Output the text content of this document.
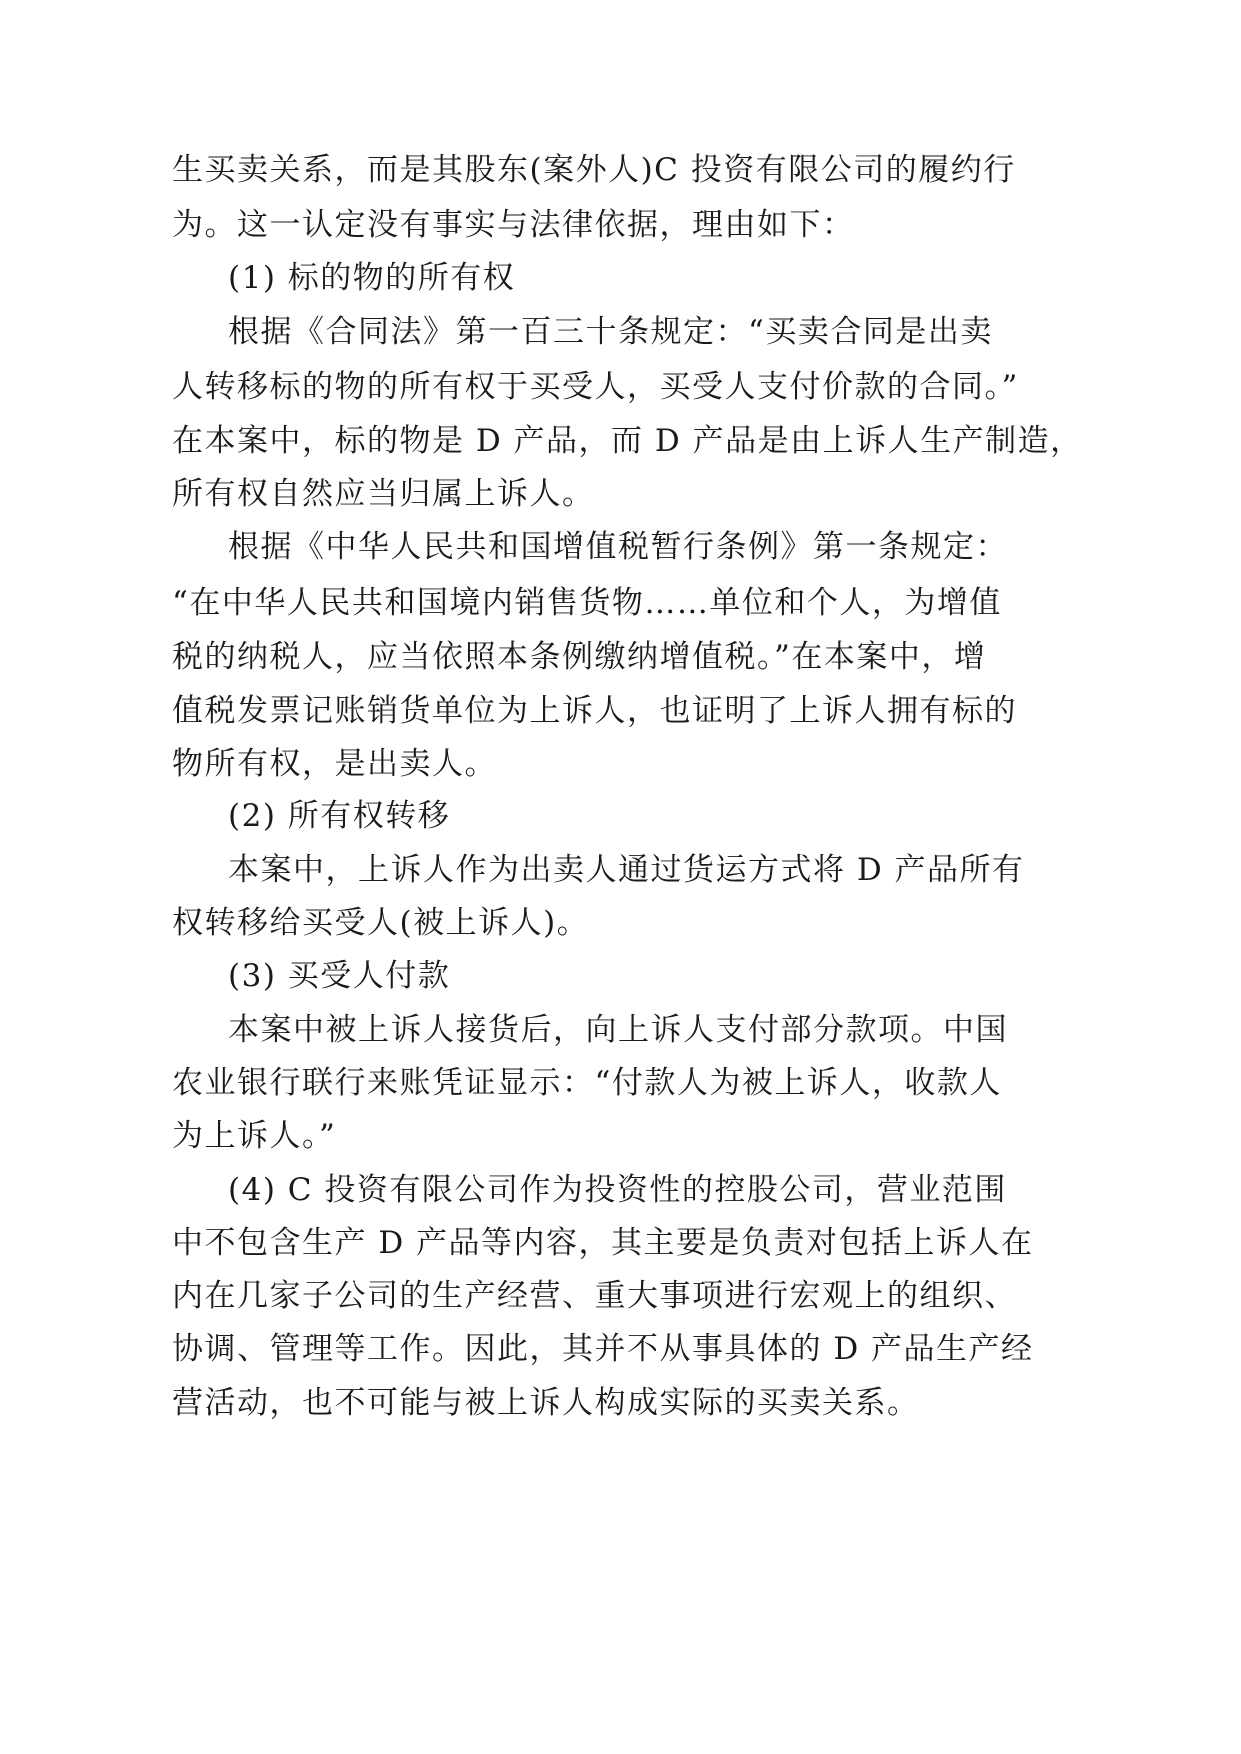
生买卖关系，而是其股东(案外人)C 投资有限公司的履约行
为。这一认定没有事实与法律依据，理由如下：
(1) 标的物的所有权
根据《合同法》第一百三十条规定：“买卖合同是出卖
人转移标的物的所有权于买受人，买受人支付价款的合同。”
在本案中，标的物是 D 产品，而 D 产品是由上诉人生产制造，
所有权自然应当归属上诉人。
根据《中华人民共和国增值税暂行条例》第一条规定：
“在中华人民共和国境内销售货物……单位和个人，为增值
税的纳税人，应当依照本条例缴纳增值税。”在本案中，增
值税发票记账销货单位为上诉人，也证明了上诉人拥有标的
物所有权，是出卖人。
(2) 所有权转移
本案中，上诉人作为出卖人通过货运方式将 D 产品所有
权转移给买受人(被上诉人)。
(3) 买受人付款
本案中被上诉人接货后，向上诉人支付部分款项。中国
农业银行联行来账凭证显示：“付款人为被上诉人，收款人
为上诉人。”
(4) C 投资有限公司作为投资性的控股公司，营业范围
中不包含生产 D 产品等内容，其主要是负责对包括上诉人在
内在几家子公司的生产经营、重大事项进行宏观上的组织、
协调、管理等工作。因此，其并不从事具体的 D 产品生产经
营活动，也不可能与被上诉人构成实际的买卖关系。
